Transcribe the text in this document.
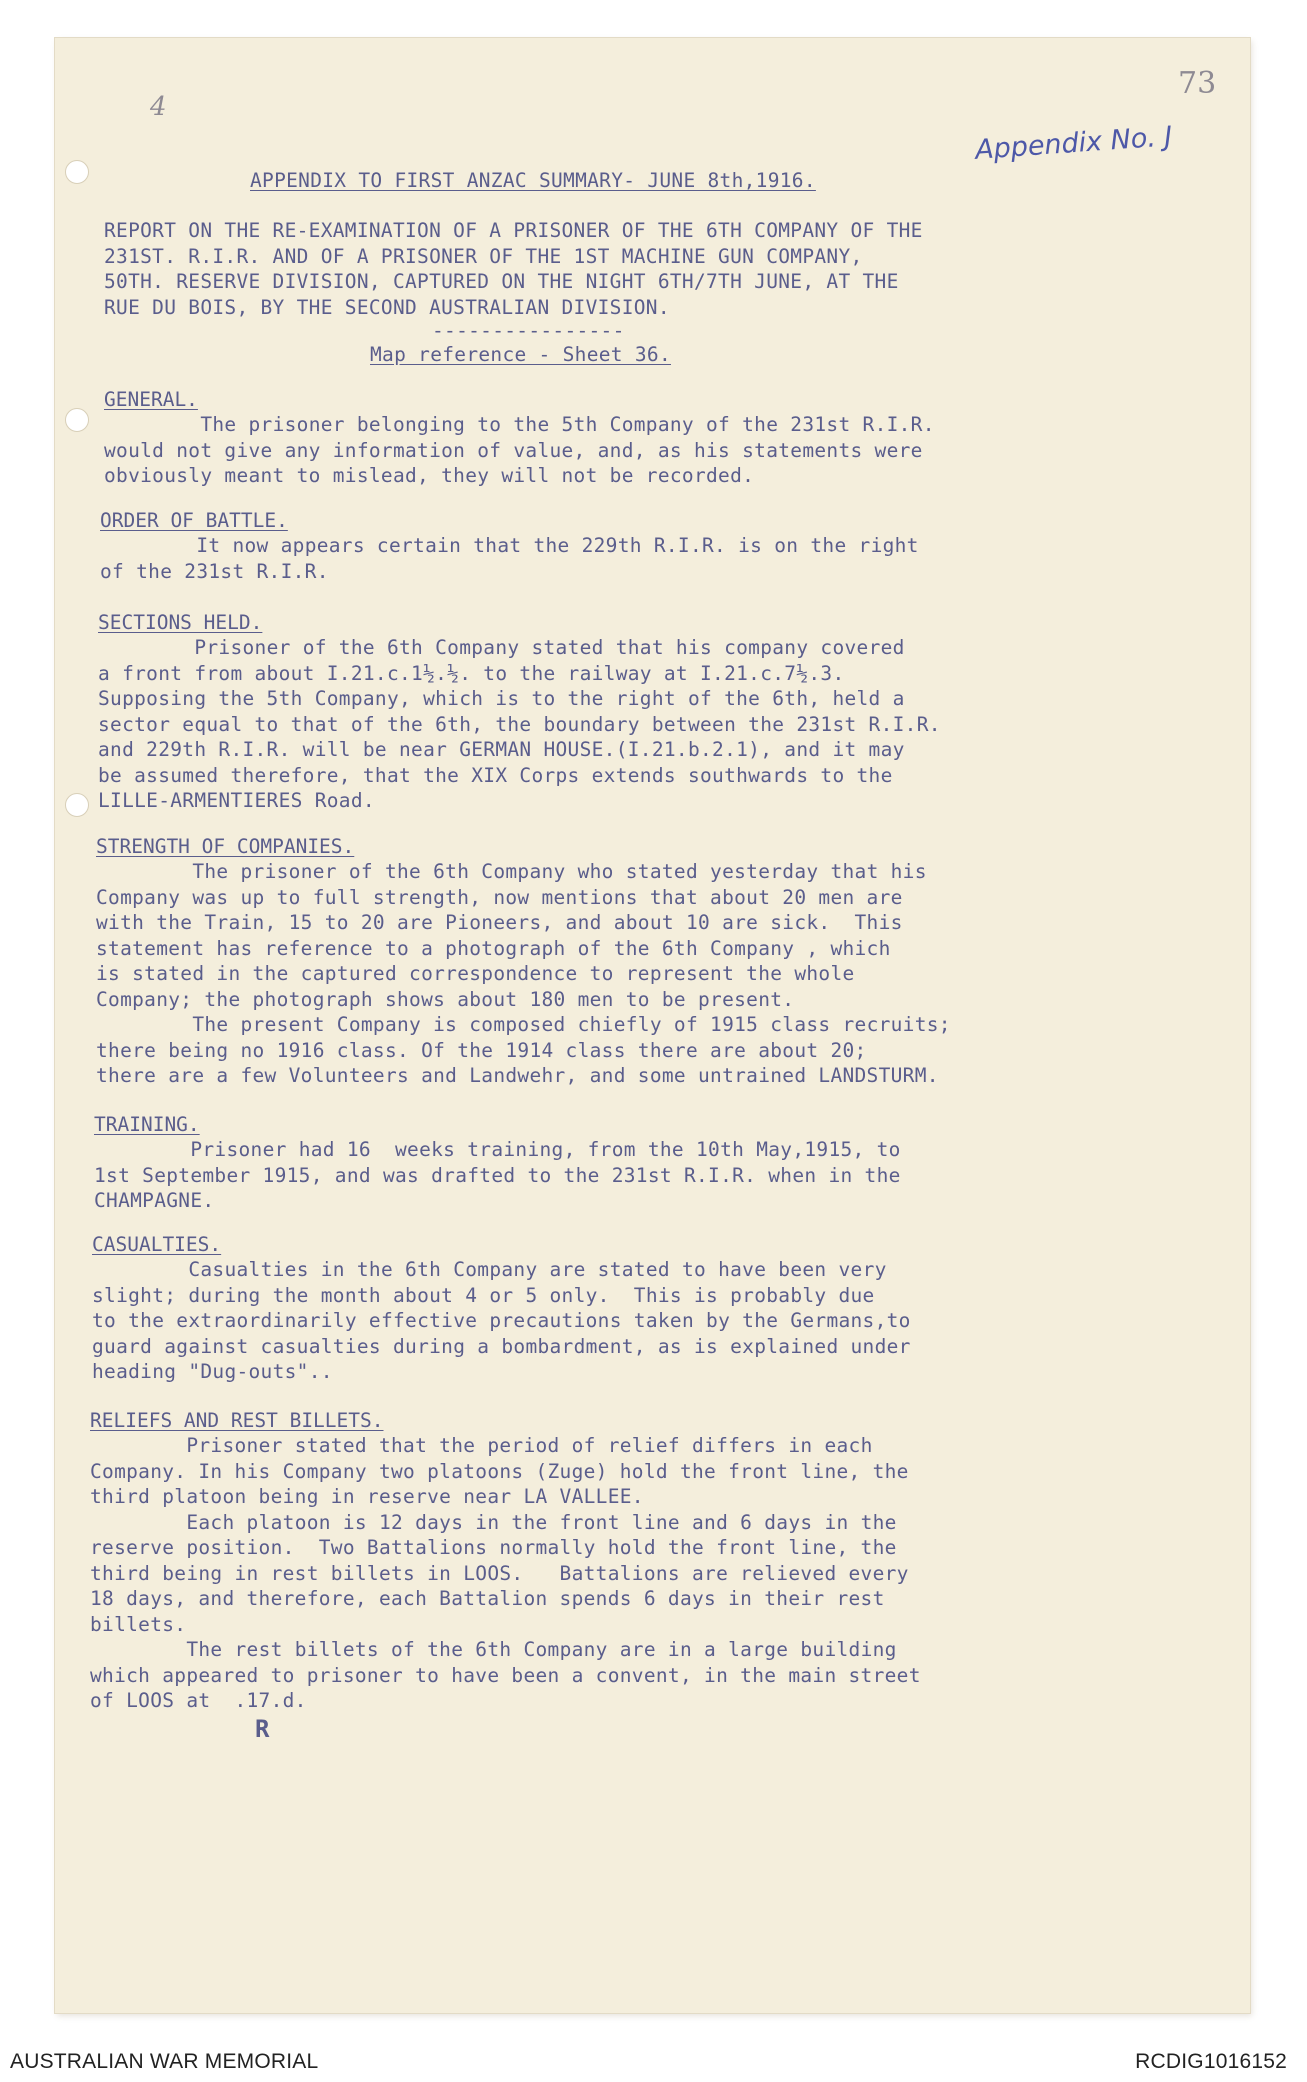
4
73
Appendix No. J
APPENDIX TO FIRST ANZAC SUMMARY- JUNE 8th,1916.
REPORT ON THE RE-EXAMINATION OF A PRISONER OF THE 6TH COMPANY OF THE
231ST. R.I.R. AND OF A PRISONER OF THE 1ST MACHINE GUN COMPANY,
50TH. RESERVE DIVISION, CAPTURED ON THE NIGHT 6TH/7TH JUNE, AT THE
RUE DU BOIS, BY THE SECOND AUSTRALIAN DIVISION.
----------------
Map reference - Sheet 36.
GENERAL.

The prisoner belonging to the 5th Company of the 231st R.I.R.
would not give any information of value, and, as his statements were
obviously meant to mislead, they will not be recorded.

ORDER OF BATTLE.

It now appears certain that the 229th R.I.R. is on the right
of the 231st R.I.R.

SECTIONS HELD.

Prisoner of the 6th Company stated that his company covered
a front from about I.21.c.1½.½. to the railway at I.21.c.7½.3.
Supposing the 5th Company, which is to the right of the 6th, held a
sector equal to that of the 6th, the boundary between the 231st R.I.R.
and 229th R.I.R. will be near GERMAN HOUSE.(I.21.b.2.1), and it may
be assumed therefore, that the XIX Corps extends southwards to the
LILLE-ARMENTIERES Road.

STRENGTH OF COMPANIES.

The prisoner of the 6th Company who stated yesterday that his
Company was up to full strength, now mentions that about 20 men are
with the Train, 15 to 20 are Pioneers, and about 10 are sick.  This
statement has reference to a photograph of the 6th Company , which
is stated in the captured correspondence to represent the whole
Company; the photograph shows about 180 men to be present.

The present Company is composed chiefly of 1915 class recruits;
there being no 1916 class. Of the 1914 class there are about 20;
there are a few Volunteers and Landwehr, and some untrained LANDSTURM.

TRAINING.

Prisoner had 16  weeks training, from the 10th May,1915, to
1st September 1915, and was drafted to the 231st R.I.R. when in the
CHAMPAGNE.

CASUALTIES.

Casualties in the 6th Company are stated to have been very
slight; during the month about 4 or 5 only.  This is probably due
to the extraordinarily effective precautions taken by the Germans,to
guard against casualties during a bombardment, as is explained under
heading "Dug-outs"..

RELIEFS AND REST BILLETS.

Prisoner stated that the period of relief differs in each
Company. In his Company two platoons (Zuge) hold the front line, the
third platoon being in reserve near LA VALLEE.

Each platoon is 12 days in the front line and 6 days in the
reserve position.  Two Battalions normally hold the front line, the
third being in rest billets in LOOS.   Battalions are relieved every
18 days, and therefore, each Battalion spends 6 days in their rest
billets.

The rest billets of the 6th Company are in a large building
which appeared to prisoner to have been a convent, in the main street
of LOOS at  .17.d.

R
AUSTRALIAN WAR MEMORIAL	RCDIG1016152
